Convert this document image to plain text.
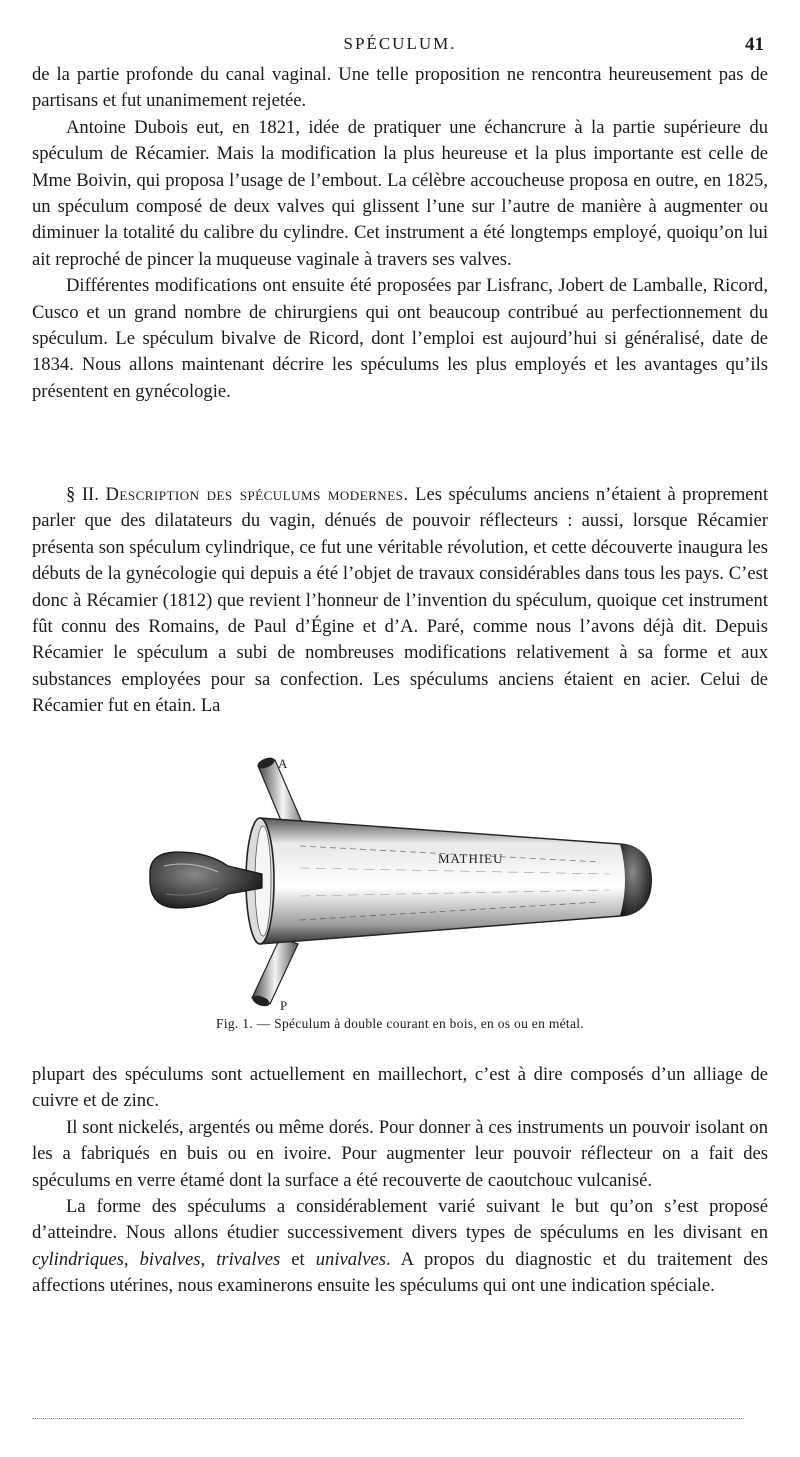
SPÉCULUM.	41

de la partie profonde du canal vaginal. Une telle proposition ne rencontra heureusement pas de partisans et fut unanimement rejetée.

Antoine Dubois eut, en 1821, idée de pratiquer une échancrure à la partie supérieure du spéculum de Récamier. Mais la modification la plus heureuse et la plus importante est celle de Mme Boivin, qui proposa l’usage de l’embout. La célèbre accoucheuse proposa en outre, en 1825, un spéculum composé de deux valves qui glissent l’une sur l’autre de manière à augmenter ou diminuer la totalité du calibre du cylindre. Cet instrument a été longtemps employé, quoiqu’on lui ait reproché de pincer la muqueuse vaginale à travers ses valves.

Différentes modifications ont ensuite été proposées par Lisfranc, Jobert de Lamballe, Ricord, Cusco et un grand nombre de chirurgiens qui ont beaucoup contribué au perfectionnement du spéculum. Le spéculum bivalve de Ricord, dont l’emploi est aujourd’hui si généralisé, date de 1834. Nous allons maintenant décrire les spéculums les plus employés et les avantages qu’ils présentent en gynécologie.

§ II. Description des spéculums modernes. Les spéculums anciens n’étaient à proprement parler que des dilatateurs du vagin, dénués de pouvoir réflecteurs : aussi, lorsque Récamier présenta son spéculum cylindrique, ce fut une véritable révolution, et cette découverte inaugura les débuts de la gynécologie qui depuis a été l’objet de travaux considérables dans tous les pays. C’est donc à Récamier (1812) que revient l’honneur de l’invention du spéculum, quoique cet instrument fût connu des Romains, de Paul d’Égine et d’A. Paré, comme nous l’avons déjà dit. Depuis Récamier le spéculum a subi de nombreuses modifications relativement à sa forme et aux substances employées pour sa confection. Les spéculums anciens étaient en acier. Celui de Récamier fut en étain. La

A
P
MATHIEU
Fig. 1. — Spéculum à double courant en bois, en os ou en métal.

plupart des spéculums sont actuellement en maillechort, c’est à dire composés d’un alliage de cuivre et de zinc.

Il sont nickelés, argentés ou même dorés. Pour donner à ces instruments un pouvoir isolant on les a fabriqués en buis ou en ivoire. Pour augmenter leur pouvoir réflecteur on a fait des spéculums en verre étamé dont la surface a été recouverte de caoutchouc vulcanisé.

La forme des spéculums a considérablement varié suivant le but qu’on s’est proposé d’atteindre. Nous allons étudier successivement divers types de spéculums en les divisant en cylindriques, bivalves, trivalves et univalves. A propos du diagnostic et du traitement des affections utérines, nous examinerons ensuite les spéculums qui ont une indication spéciale.
